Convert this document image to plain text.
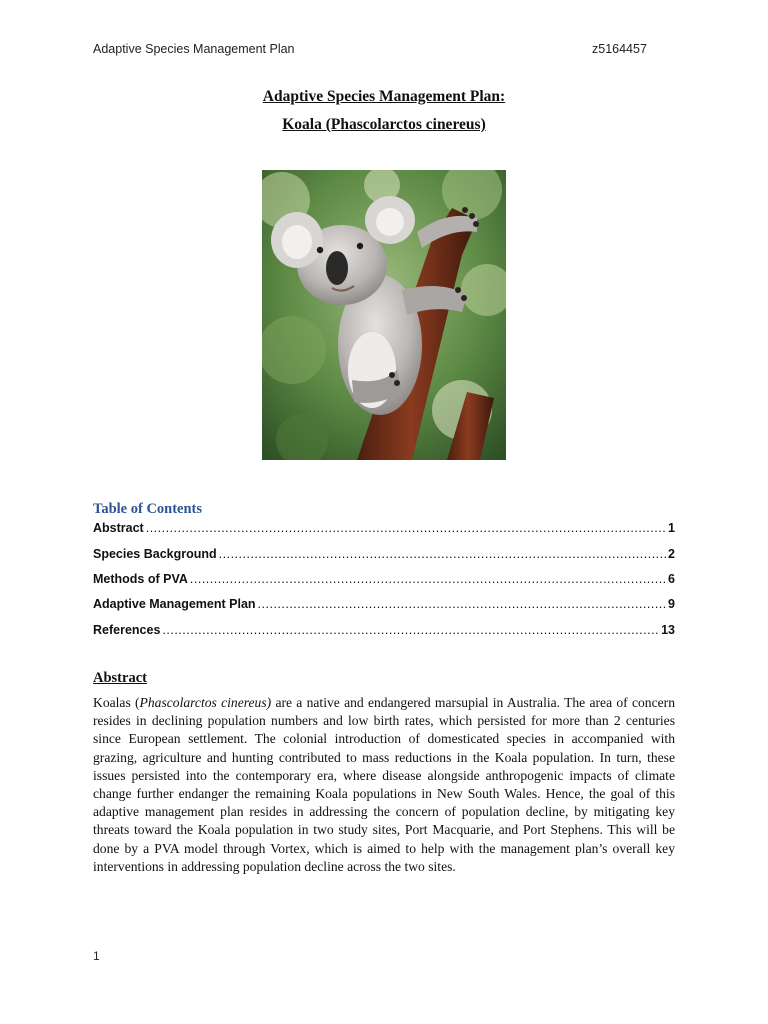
Adaptive Species Management Plan	z5164457
Adaptive Species Management Plan:
Koala (Phascolarctos cinereus)
Table of Contents
Abstract .....	1
Species Background .....	2
Methods of PVA .....	6
Adaptive Management Plan .....	9
References .....	13
Abstract
Koalas (Phascolarctos cinereus) are a native and endangered marsupial in Australia. The area of concern resides in declining population numbers and low birth rates, which persisted for more than 2 centuries since European settlement. The colonial introduction of domesticated species in accompanied with grazing, agriculture and hunting contributed to mass reductions in the Koala population. In turn, these issues persisted into the contemporary era, where disease alongside anthropogenic impacts of climate change further endanger the remaining Koala populations in New South Wales. Hence, the goal of this adaptive management plan resides in addressing the concern of population decline, by mitigating key threats toward the Koala population in two study sites, Port Macquarie, and Port Stephens. This will be done by a PVA model through Vortex, which is aimed to help with the management plan’s overall key interventions in addressing population decline across the two sites.
1
